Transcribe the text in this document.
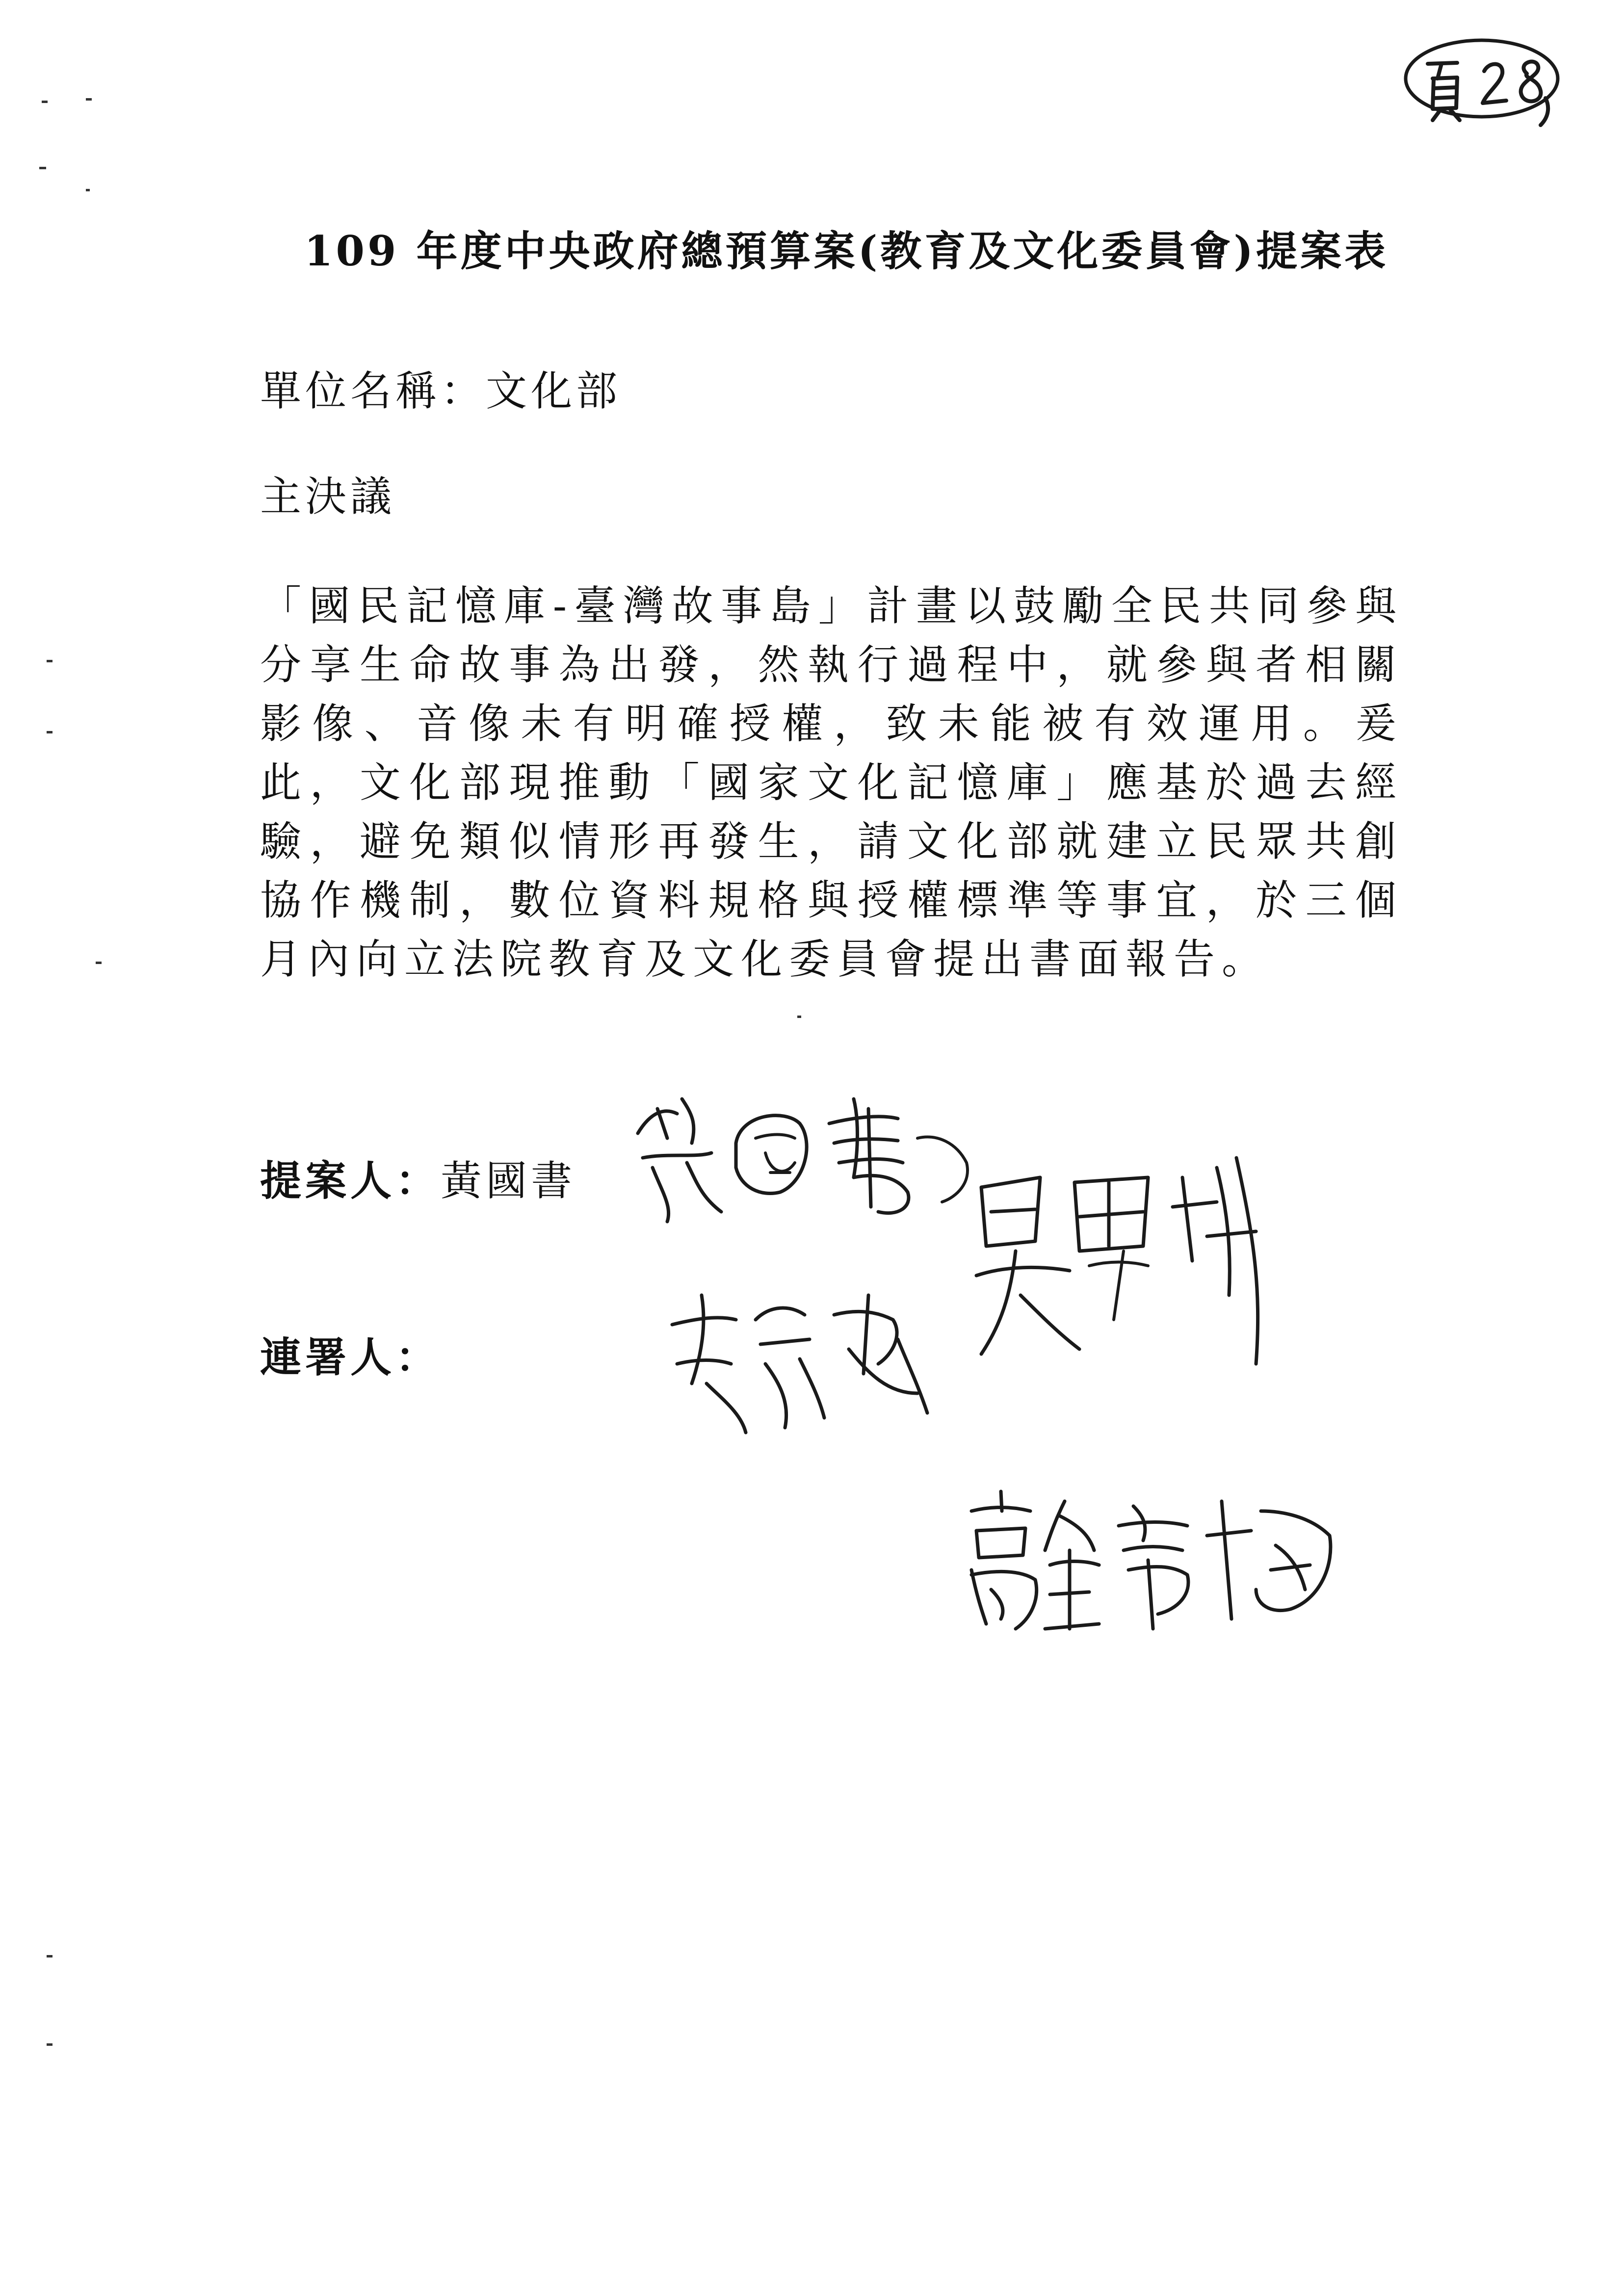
109 年度中央政府總預算案(教育及文化委員會)提案表
單位名稱：文化部
主決議
「國民記憶庫-臺灣故事島」計畫以鼓勵全民共同參與分享生命故事為出發，然執行過程中，就參與者相關影像、音像未有明確授權，致未能被有效運用。爰此，文化部現推動「國家文化記憶庫」應基於過去經驗，避免類似情形再發生，請文化部就建立民眾共創協作機制，數位資料規格與授權標準等事宜，於三個月內向立法院教育及文化委員會提出書面報告。
提案人：黃國書
連署人：
